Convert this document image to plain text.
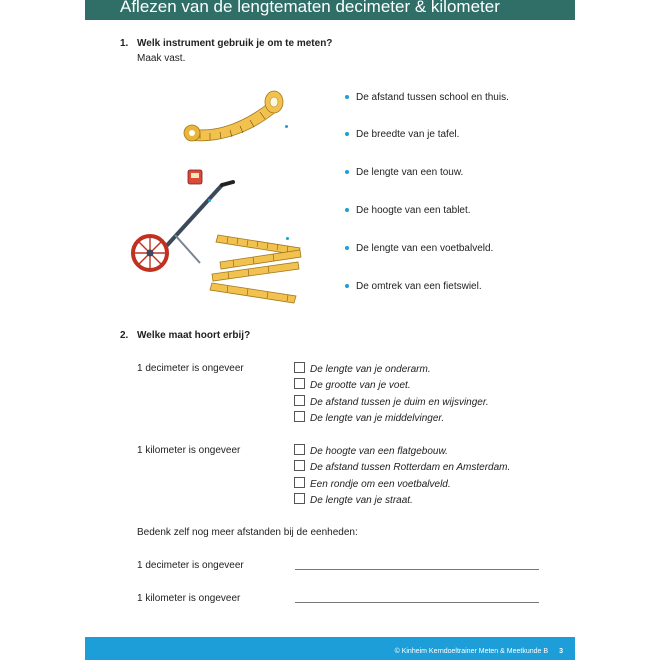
Aflezen van de lengtematen decimeter & kilometer
1. Welk instrument gebruik je om te meten?
Maak vast.
De afstand tussen school en thuis.
De breedte van je tafel.
De lengte van een touw.
De hoogte van een tablet.
De lengte van een voetbalveld.
De omtrek van een fietswiel.
2. Welke maat hoort erbij?
1 decimeter is ongeveer	De lengte van je onderarm.
De grootte van je voet.
De afstand tussen je duim en wijsvinger.
De lengte van je middelvinger.
1 kilometer is ongeveer	De hoogte van een flatgebouw.
De afstand tussen Rotterdam en Amsterdam.
Een rondje om een voetbalveld.
De lengte van je straat.
Bedenk zelf nog meer afstanden bij de eenheden:
1 decimeter is ongeveer
1 kilometer is ongeveer
© Kinheim Kerndoeltrainer Meten & Meetkunde B 3
